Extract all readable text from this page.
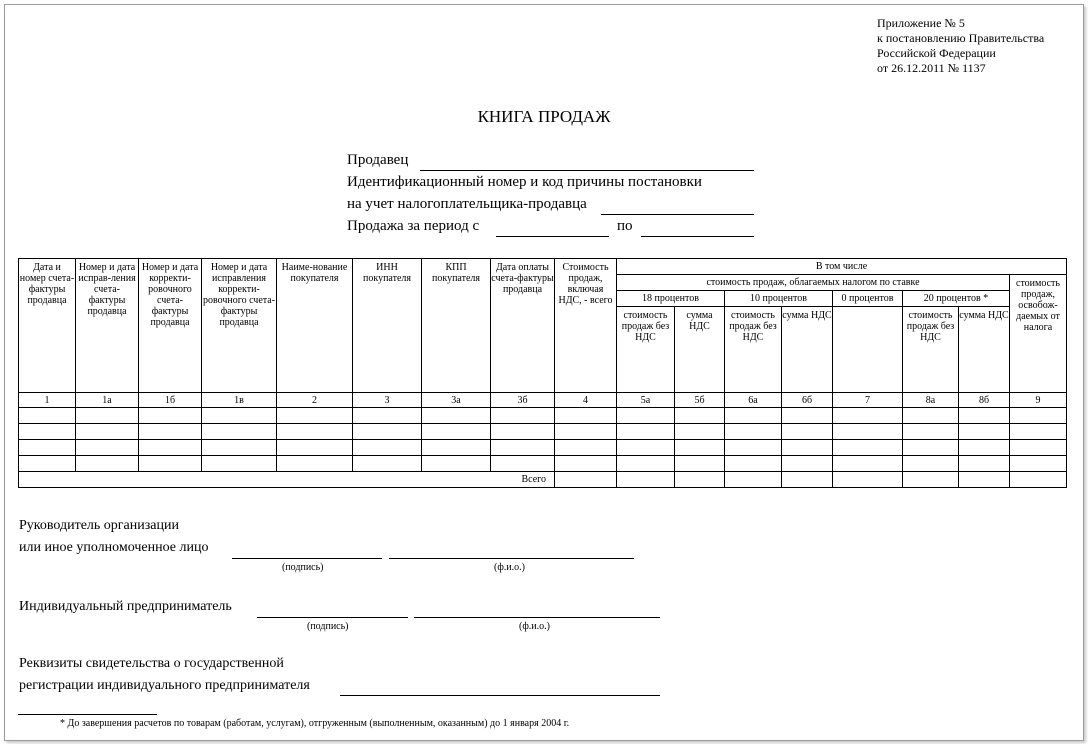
Приложение № 5
к постановлению Правительства
Российской Федерации
от 26.12.2011 № 1137
КНИГА ПРОДАЖ
Продавец
Идентификационный номер и код причины постановки
на учет налогоплательщика-продавца
Продажа за период с	по
Дата и номер счета-фактуры продавца	Номер и дата исправ-ления счета-фактуры продавца	Номер и дата корректи-ровочного счета-фактуры продавца	Номер и дата исправления корректи-ровочного счета-фактуры продавца	Наиме-нование покупателя	ИНН покупателя	КПП покупателя	Дата оплаты счета-фактуры продавца	Стоимость продаж, включая НДС, - всего	В том числе							
									стоимость продаж, облагаемых налогом по ставке							стоимость продаж, освобож-даемых от налога
									18 процентов		10 процентов		0 процентов	20 процентов *		
									стоимость продаж без НДС	сумма НДС	стоимость продаж без НДС	сумма НДС		стоимость продаж без НДС	сумма НДС	
1	1а	1б	1в	2	3	3а	3б	4	5а	5б	6а	6б	7	8а	8б	9

Всего																
Руководитель организации
или иное уполномоченное лицо
(подпись)	(ф.и.о.)
Индивидуальный предприниматель
(подпись)	(ф.и.о.)
Реквизиты свидетельства о государственной
регистрации индивидуального предпринимателя
* До завершения расчетов по товарам (работам, услугам), отгруженным (выполненным, оказанным) до 1 января 2004 г.
